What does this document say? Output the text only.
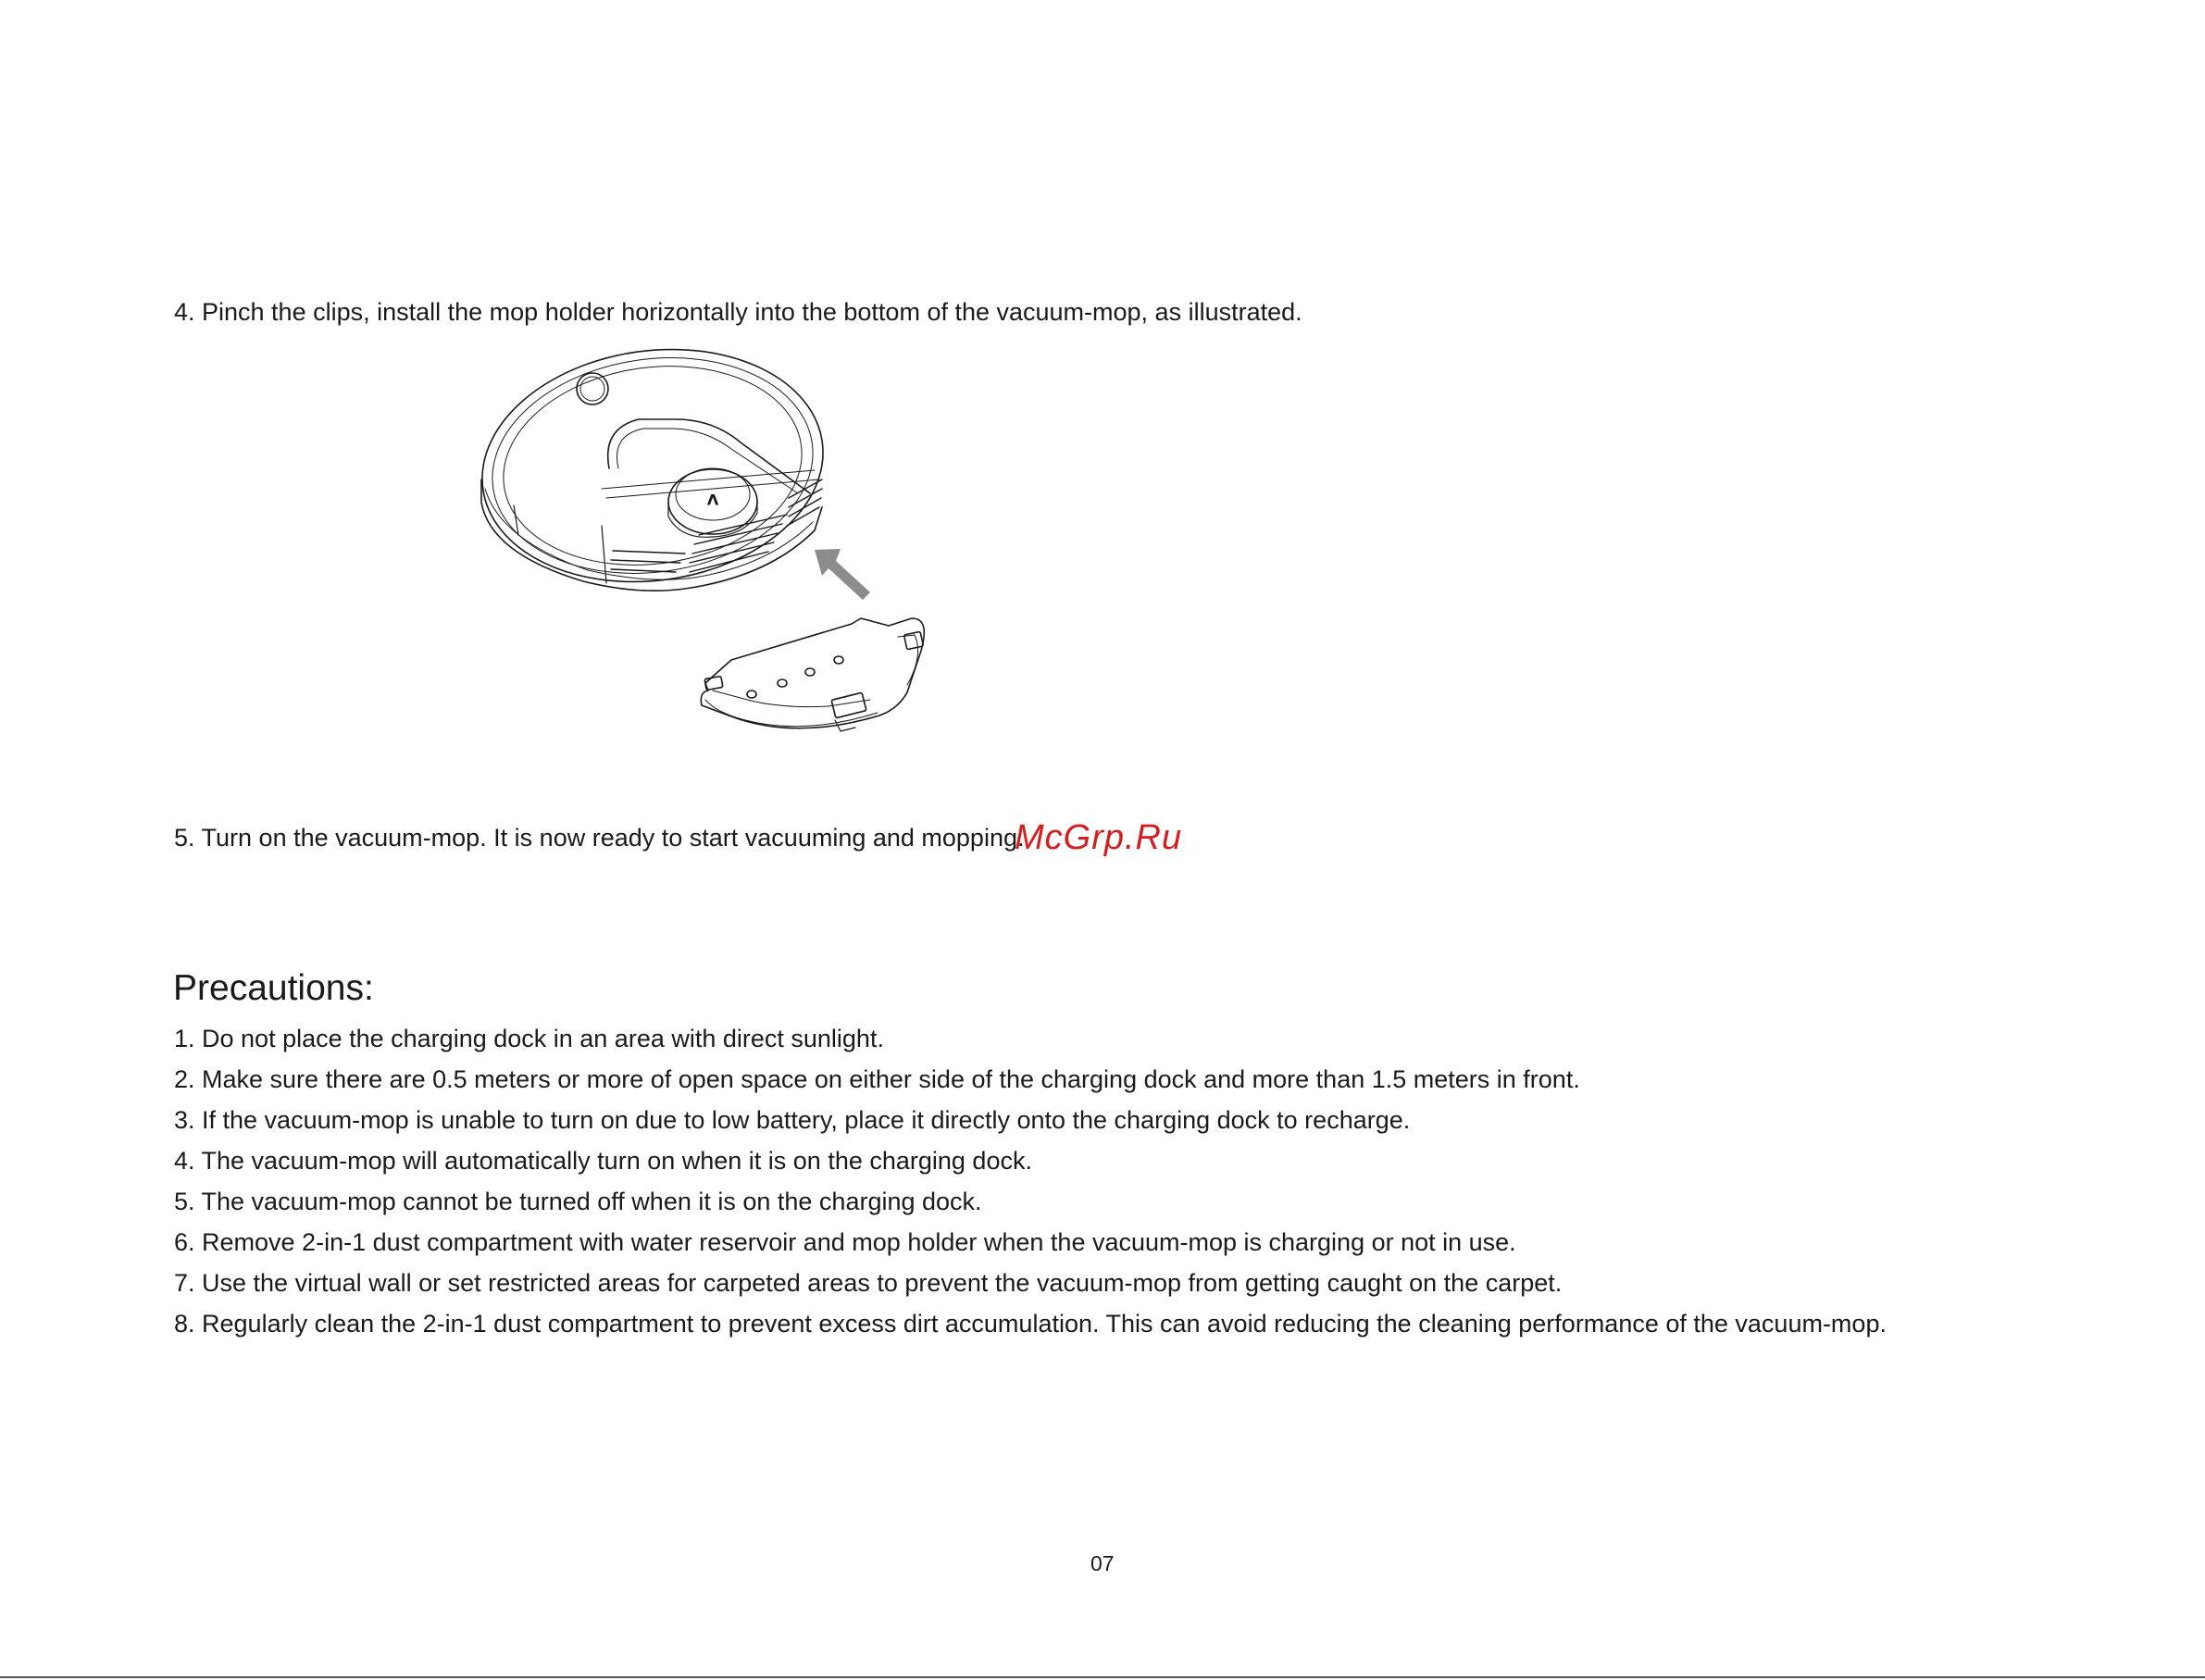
4. Pinch the clips, install the mop holder horizontally into the bottom of the vacuum-mop, as illustrated.
V
5. Turn on the vacuum-mop. It is now ready to start vacuuming and mopping.
McGrp.Ru
Precautions:
1. Do not place the charging dock in an area with direct sunlight.
2. Make sure there are 0.5 meters or more of open space on either side of the charging dock and more than 1.5 meters in front.
3. If the vacuum-mop is unable to turn on due to low battery, place it directly onto the charging dock to recharge.
4. The vacuum-mop will automatically turn on when it is on the charging dock.
5. The vacuum-mop cannot be turned off when it is on the charging dock.
6. Remove 2-in-1 dust compartment with water reservoir and mop holder when the vacuum-mop is charging or not in use.
7. Use the virtual wall or set restricted areas for carpeted areas to prevent the vacuum-mop from getting caught on the carpet.
8. Regularly clean the 2-in-1 dust compartment to prevent excess dirt accumulation. This can avoid reducing the cleaning performance of the vacuum-mop.
07
